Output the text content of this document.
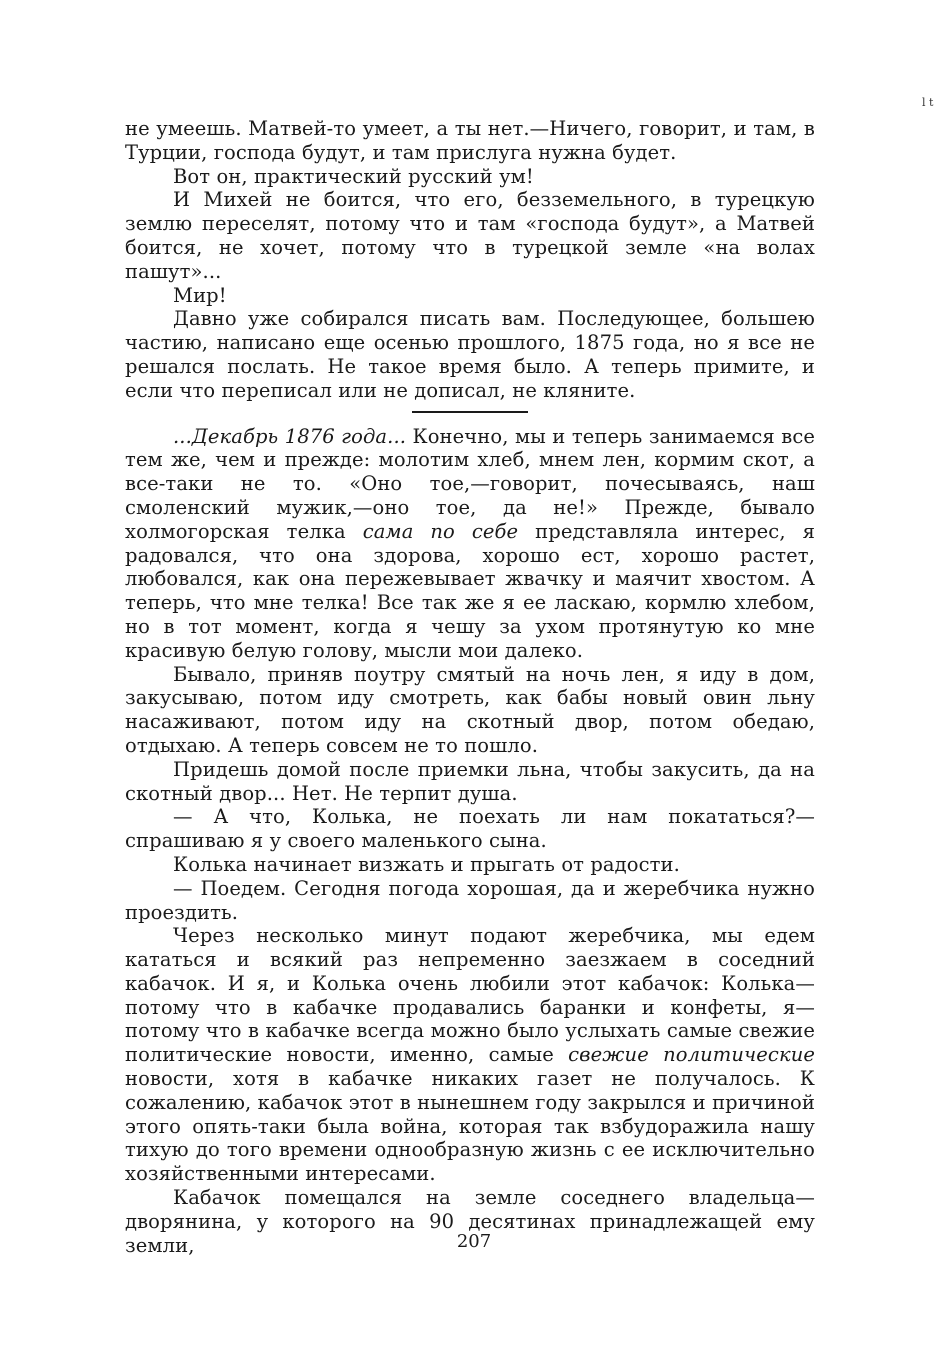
l t

не умеешь. Матвей-то умеет, а ты нет.—Ничего, говорит, и там, в Турции, господа будут, и там прислуга нужна будет.

Вот он, практический русский ум!

И Михей не боится, что его, безземельного, в турецкую землю переселят, потому что и там «господа будут», а Матвей боится, не хочет, потому что в турецкой земле «на волах пашут»...

Мир!

Давно уже собирался писать вам. Последующее, большею частию, написано еще осенью прошлого, 1875 года, но я все не решался послать. Не такое время было. А теперь примите, и если что переписал или не дописал, не кляните.

...Декабрь 1876 года... Конечно, мы и теперь занимаемся все тем же, чем и прежде: молотим хлеб, мнем лен, кормим скот, а все-таки не то. «Оно тое,—говорит, почесываясь, наш смоленский мужик,—оно тое, да не!» Прежде, бывало холмогорская телка сама по себе представляла интерес, я радовался, что она здорова, хорошо ест, хорошо растет, любовался, как она пережевывает жвачку и маячит хвостом. А теперь, что мне телка! Все так же я ее ласкаю, кормлю хлебом, но в тот момент, когда я чешу за ухом протянутую ко мне красивую белую голову, мысли мои далеко.

Бывало, приняв поутру смятый на ночь лен, я иду в дом, закусываю, потом иду смотреть, как бабы новый овин льну насаживают, потом иду на скотный двор, потом обедаю, отдыхаю. А теперь совсем не то пошло.

Придешь домой после приемки льна, чтобы закусить, да на скотный двор... Нет. Не терпит душа.

— А что, Колька, не поехать ли нам покататься?—спрашиваю я у своего маленького сына.

Колька начинает визжать и прыгать от радости.

— Поедем. Сегодня погода хорошая, да и жеребчика нужно проездить.

Через несколько минут подают жеребчика, мы едем кататься и всякий раз непременно заезжаем в соседний кабачок. И я, и Колька очень любили этот кабачок: Колька—потому что в кабачке продавались баранки и конфеты, я—потому что в кабачке всегда можно было услыхать самые свежие политические новости, именно, самые свежие политические новости, хотя в кабачке никаких газет не получалось. К сожалению, кабачок этот в нынешнем году закрылся и причиной этого опять-таки была война, которая так взбудоражила нашу тихую до того времени однообразную жизнь с ее исключительно хозяйственными интересами.

Кабачок помещался на земле соседнего владельца—дворянина, у которого на 90 десятинах принадлежащей ему земли,	207
